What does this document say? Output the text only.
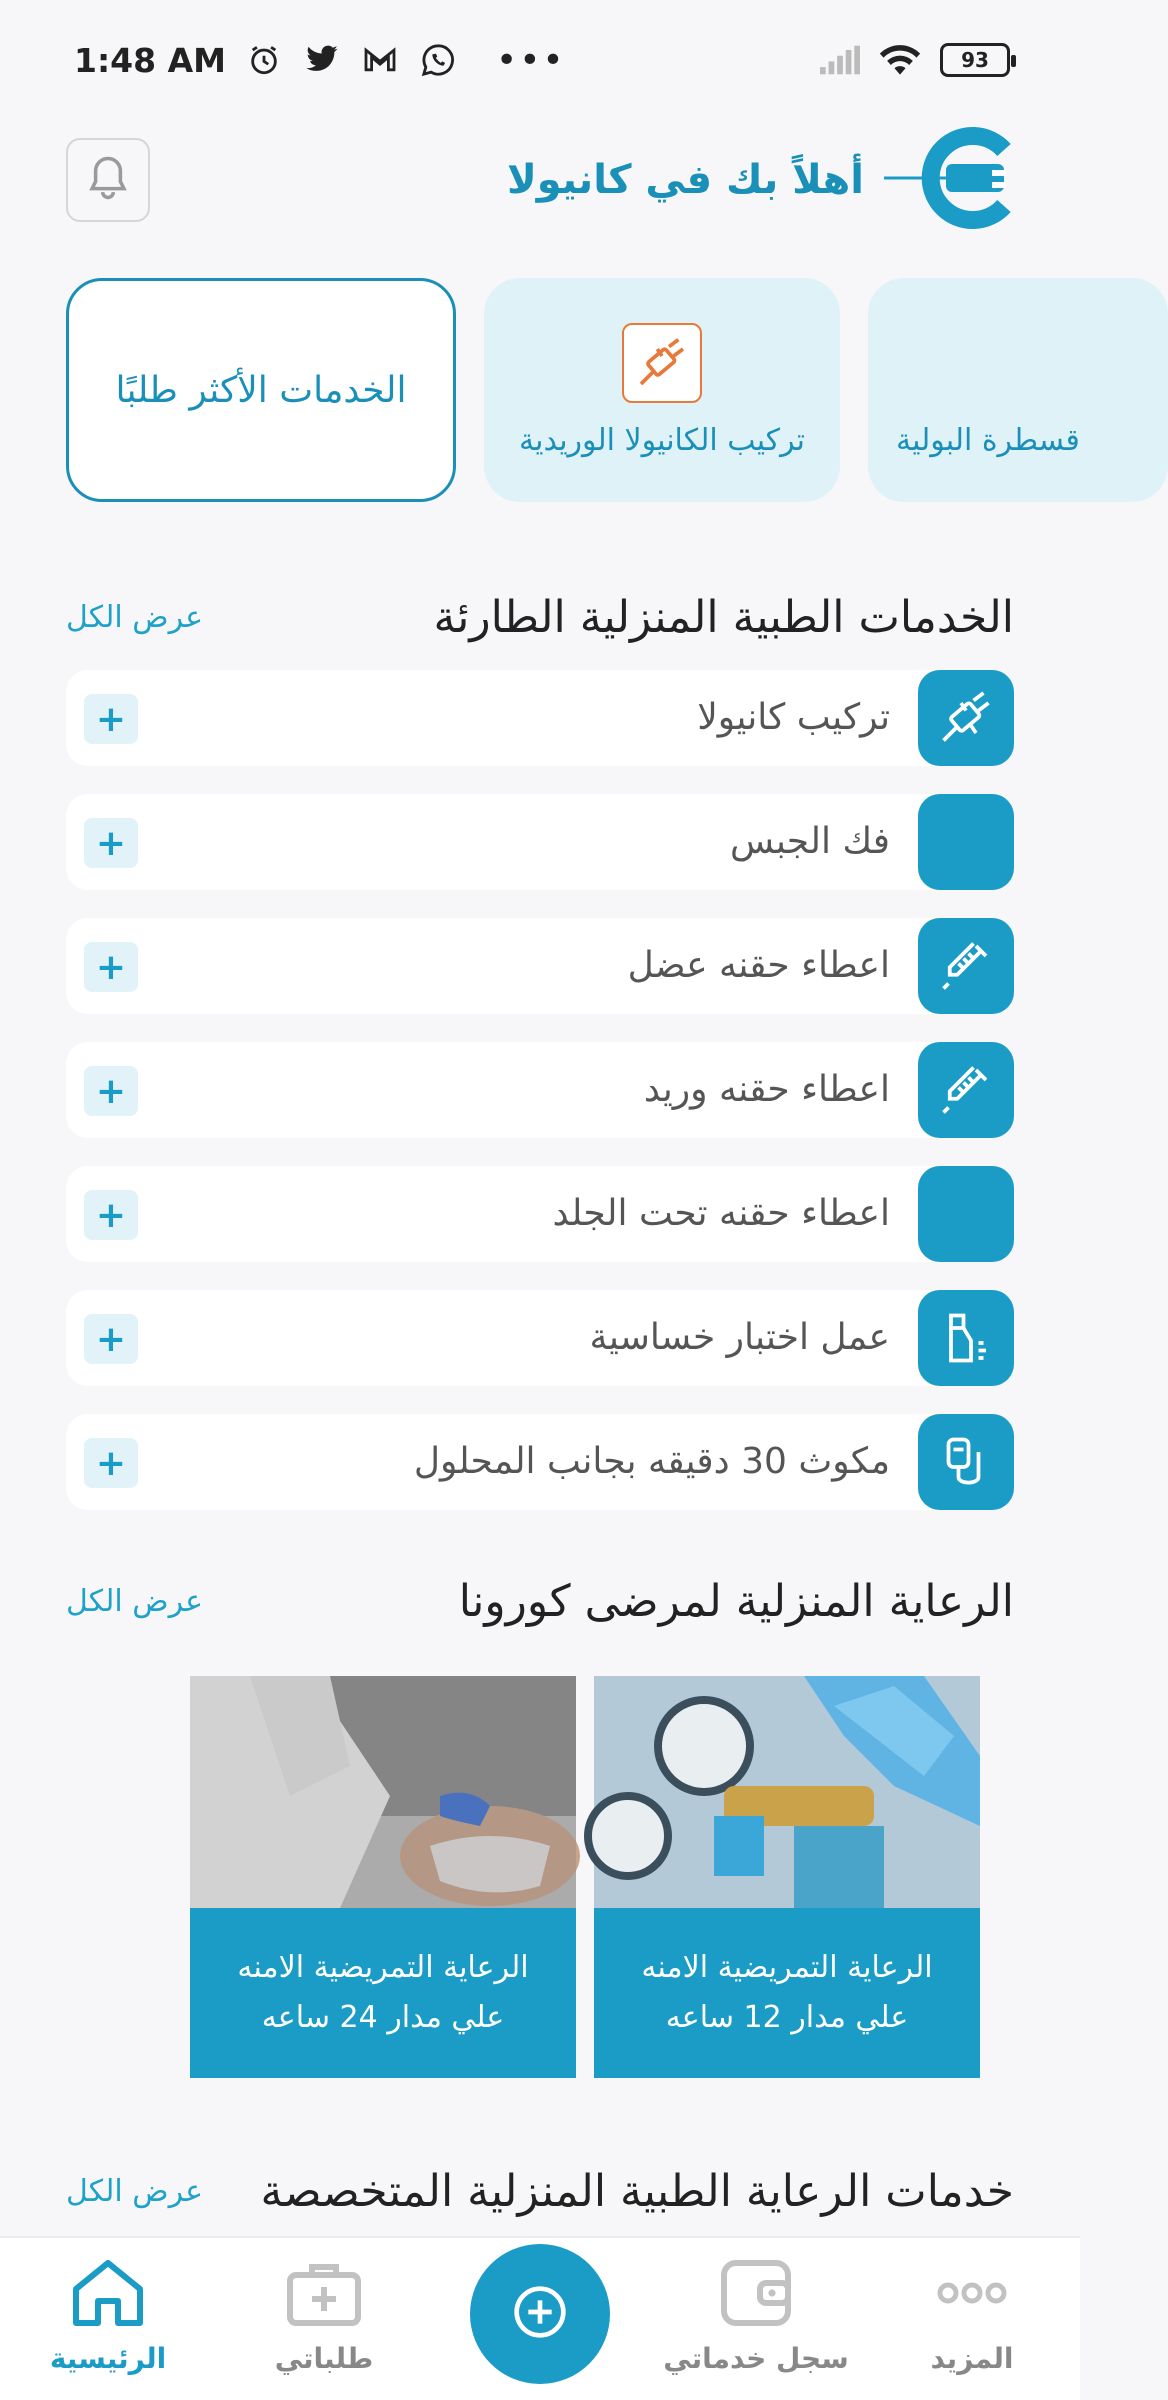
1:48 AM	•••	93
أهلاً بك في كانيولا
الخدمات الأكثر طلبًا
تركيب الكانيولا الوريدية	قسطرة البولية
عرض الكل	الخدمات الطبية المنزلية الطارئة
تركيب كانيولا
+
فك الجبس
+
اعطاء حقنه عضل
+
اعطاء حقنه وريد
+
اعطاء حقنه تحت الجلد
+
عمل اختبار خساسية
+
مكوث 30 دقيقه بجانب المحلول
+
عرض الكل	الرعاية المنزلية لمرضى كورونا
الرعاية التمريضية الامنه
علي مدار 12 ساعه
الرعاية التمريضية الامنه
علي مدار 24 ساعه
عرض الكل خدمات الرعاية الطبية المنزلية المتخصصة
الرئيسية	طلباتي	سجل خدماتي	المزيد
